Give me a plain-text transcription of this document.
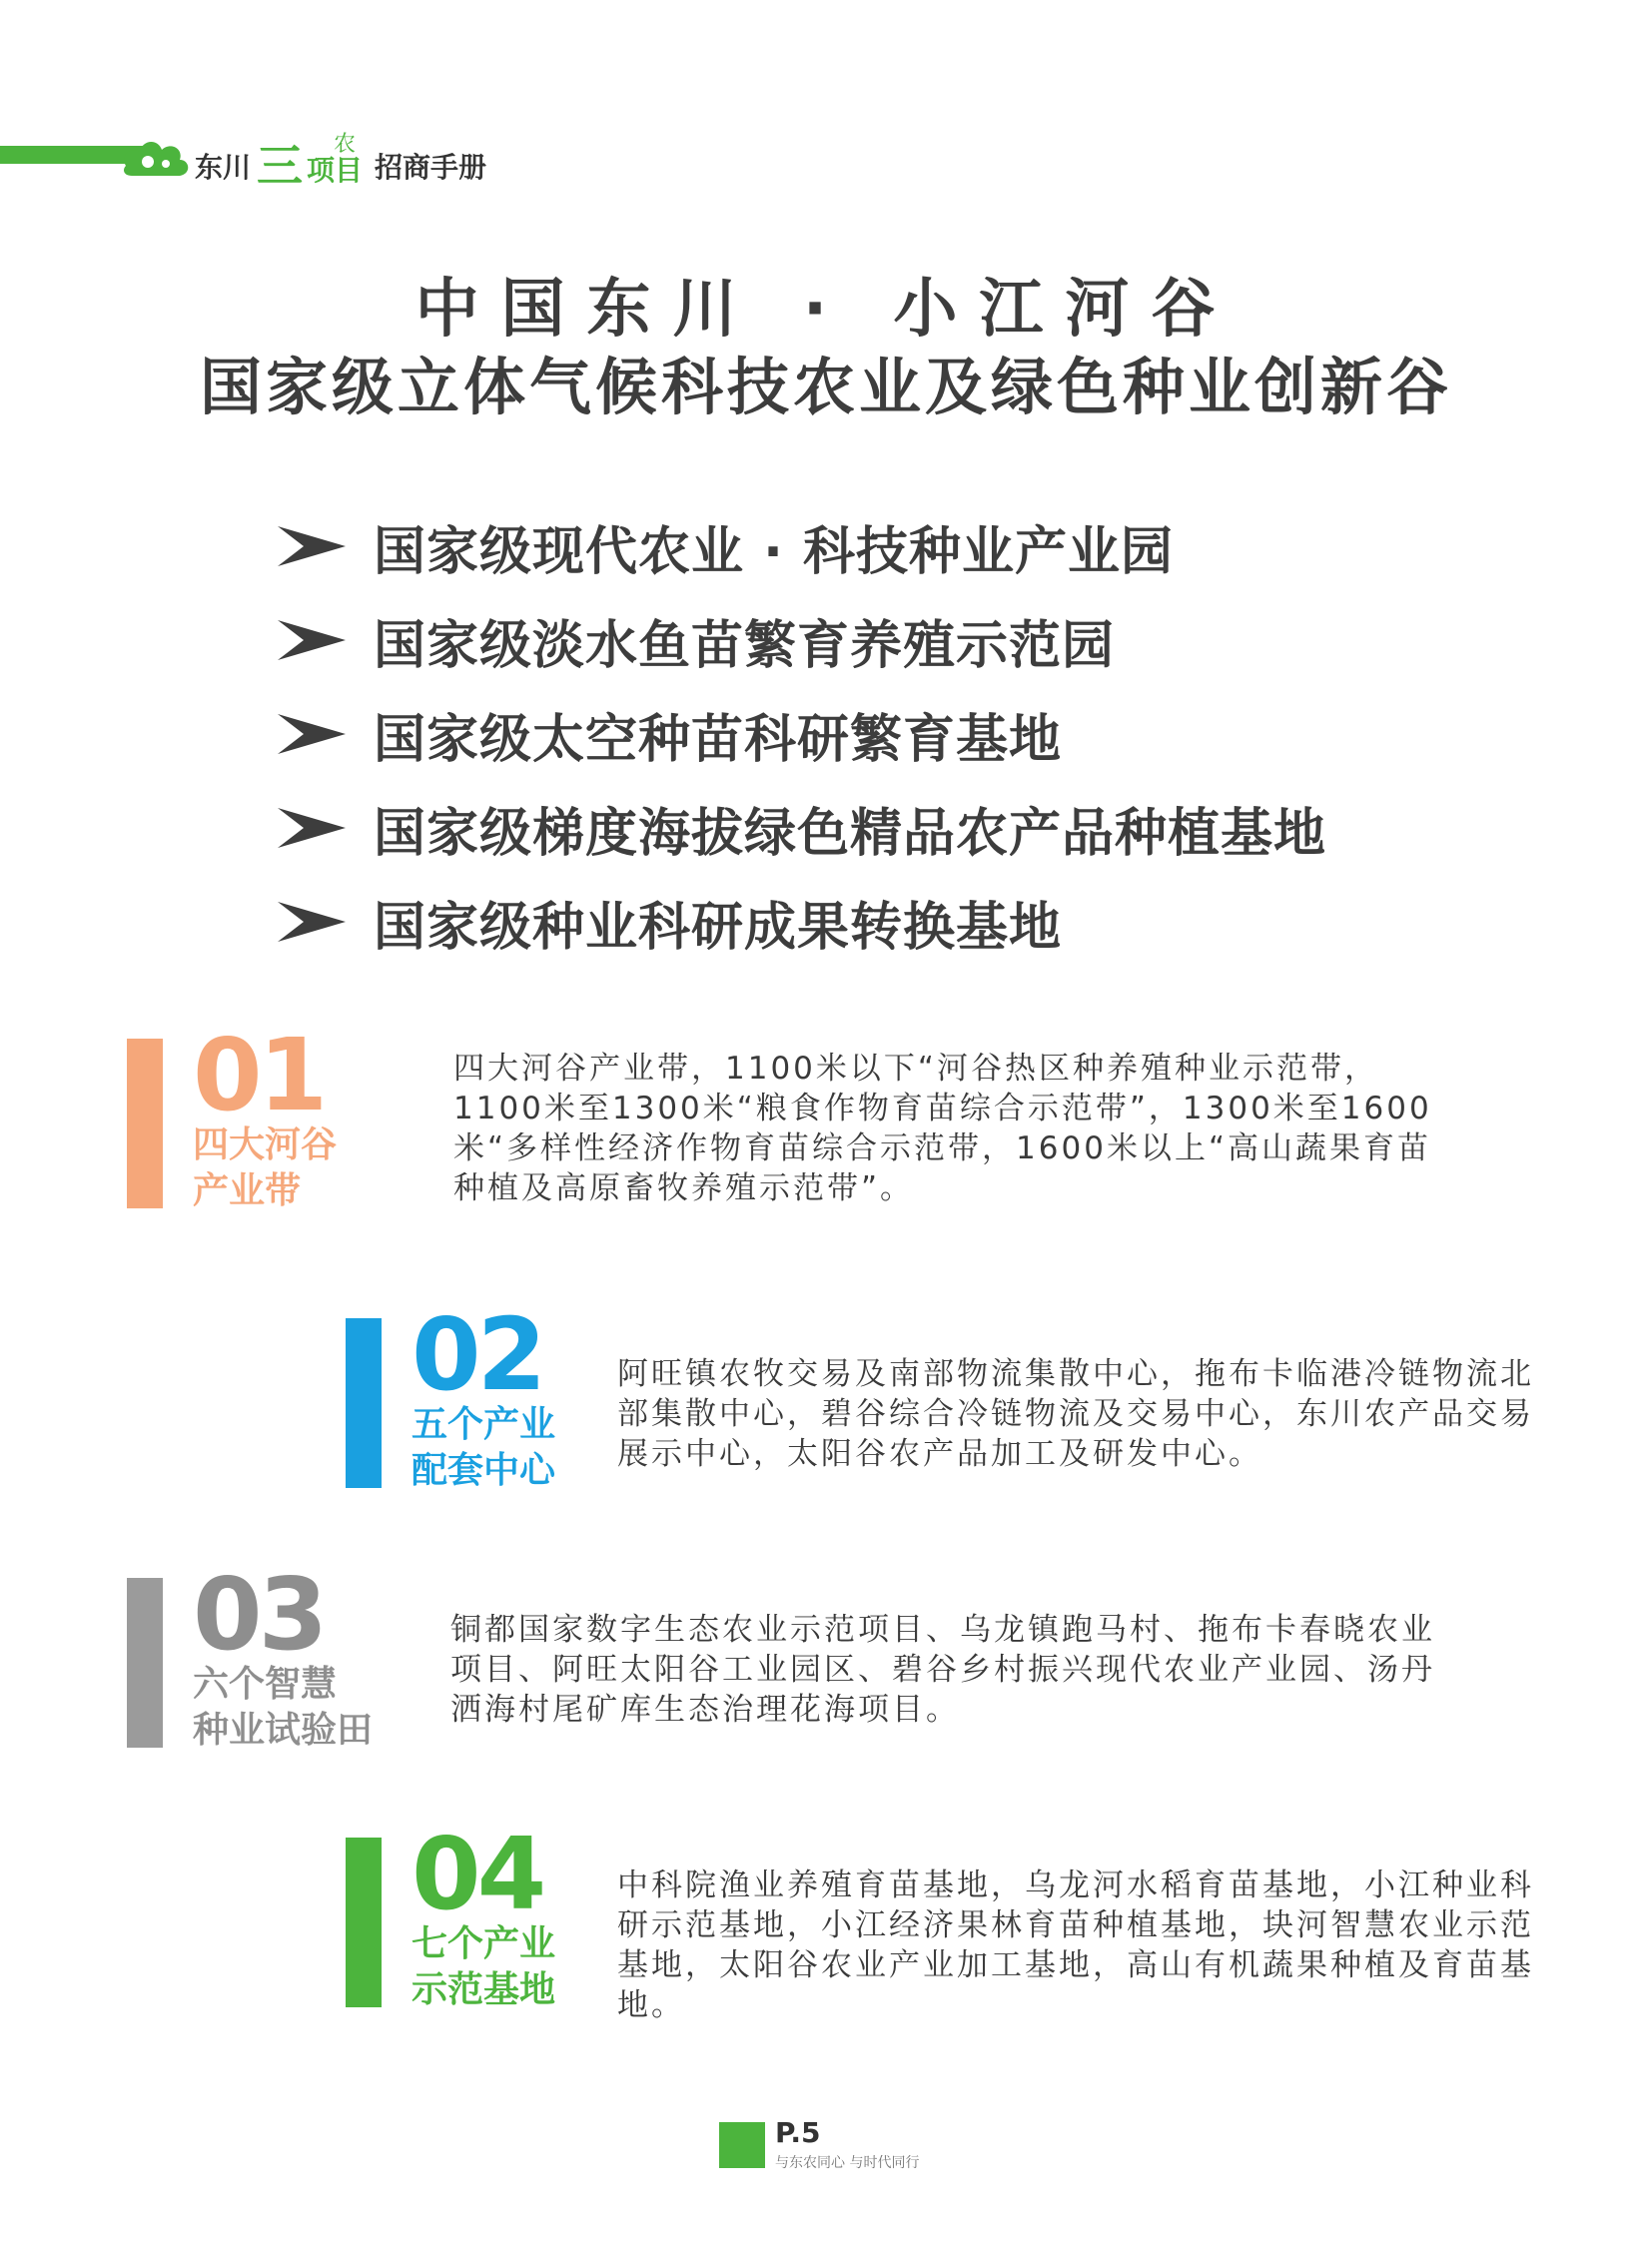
东川 三 农
项目 招商手册
中国东川 · 小江河谷
国家级立体气候科技农业及绿色种业创新谷
国家级现代农业 · 科技种业产业园
国家级淡水鱼苗繁育养殖示范园
国家级太空种苗科研繁育基地
国家级梯度海拔绿色精品农产品种植基地
国家级种业科研成果转换基地
01
四大河谷
产业带
四大河谷产业带，1100米以下“河谷热区种养殖种业示范带，1100米至1300米“粮食作物育苗综合示范带”，1300米至1600米“多样性经济作物育苗综合示范带，1600米以上“高山蔬果育苗种植及高原畜牧养殖示范带”。
02
五个产业
配套中心
阿旺镇农牧交易及南部物流集散中心，拖布卡临港冷链物流北部集散中心，碧谷综合冷链物流及交易中心，东川农产品交易展示中心，太阳谷农产品加工及研发中心。
03
六个智慧
种业试验田
铜都国家数字生态农业示范项目、乌龙镇跑马村、拖布卡春晓农业项目、阿旺太阳谷工业园区、碧谷乡村振兴现代农业产业园、汤丹洒海村尾矿库生态治理花海项目。
04
七个产业
示范基地
中科院渔业养殖育苗基地，乌龙河水稻育苗基地，小江种业科研示范基地，小江经济果林育苗种植基地，块河智慧农业示范基地，太阳谷农业产业加工基地，高山有机蔬果种植及育苗基地。
P.5
与东农同心 与时代同行
